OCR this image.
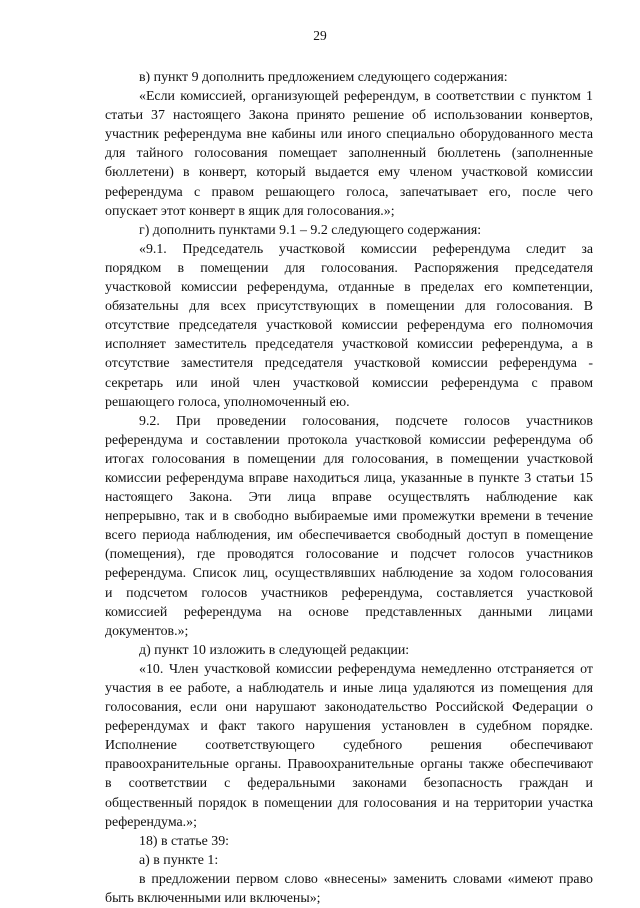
29
в) пункт 9 дополнить предложением следующего содержания:
«Если комиссией, организующей референдум, в соответствии с пунктом 1
статьи 37 настоящего Закона принято решение об использовании конвертов,
участник референдума вне кабины или иного специально оборудованного места
для тайного голосования помещает заполненный бюллетень (заполненные
бюллетени) в конверт, который выдается ему членом участковой комиссии
референдума с правом решающего голоса, запечатывает его, после чего
опускает этот конверт в ящик для голосования.»;
г) дополнить пунктами 9.1 – 9.2 следующего содержания:
«9.1. Председатель участковой комиссии референдума следит за
порядком в помещении для голосования. Распоряжения председателя
участковой комиссии референдума, отданные в пределах его компетенции,
обязательны для всех присутствующих в помещении для голосования. В
отсутствие председателя участковой комиссии референдума его полномочия
исполняет заместитель председателя участковой комиссии референдума, а в
отсутствие заместителя председателя участковой комиссии референдума -
секретарь или иной член участковой комиссии референдума с правом
решающего голоса, уполномоченный ею.
9.2. При проведении голосования, подсчете голосов участников
референдума и составлении протокола участковой комиссии референдума об
итогах голосования в помещении для голосования, в помещении участковой
комиссии референдума вправе находиться лица, указанные в пункте 3 статьи 15
настоящего Закона. Эти лица вправе осуществлять наблюдение как
непрерывно, так и в свободно выбираемые ими промежутки времени в течение
всего периода наблюдения, им обеспечивается свободный доступ в помещение
(помещения), где проводятся голосование и подсчет голосов участников
референдума. Список лиц, осуществлявших наблюдение за ходом голосования
и подсчетом голосов участников референдума, составляется участковой
комиссией референдума на основе представленных данными лицами
документов.»;
д) пункт 10 изложить в следующей редакции:
«10. Член участковой комиссии референдума немедленно отстраняется от
участия в ее работе, а наблюдатель и иные лица удаляются из помещения для
голосования, если они нарушают законодательство Российской Федерации о
референдумах и факт такого нарушения установлен в судебном порядке.
Исполнение соответствующего судебного решения обеспечивают
правоохранительные органы. Правоохранительные органы также обеспечивают
в соответствии с федеральными законами безопасность граждан и
общественный порядок в помещении для голосования и на территории участка
референдума.»;
18) в статье 39:
а) в пункте 1:
в предложении первом слово «внесены» заменить словами «имеют право
быть включенными или включены»;
